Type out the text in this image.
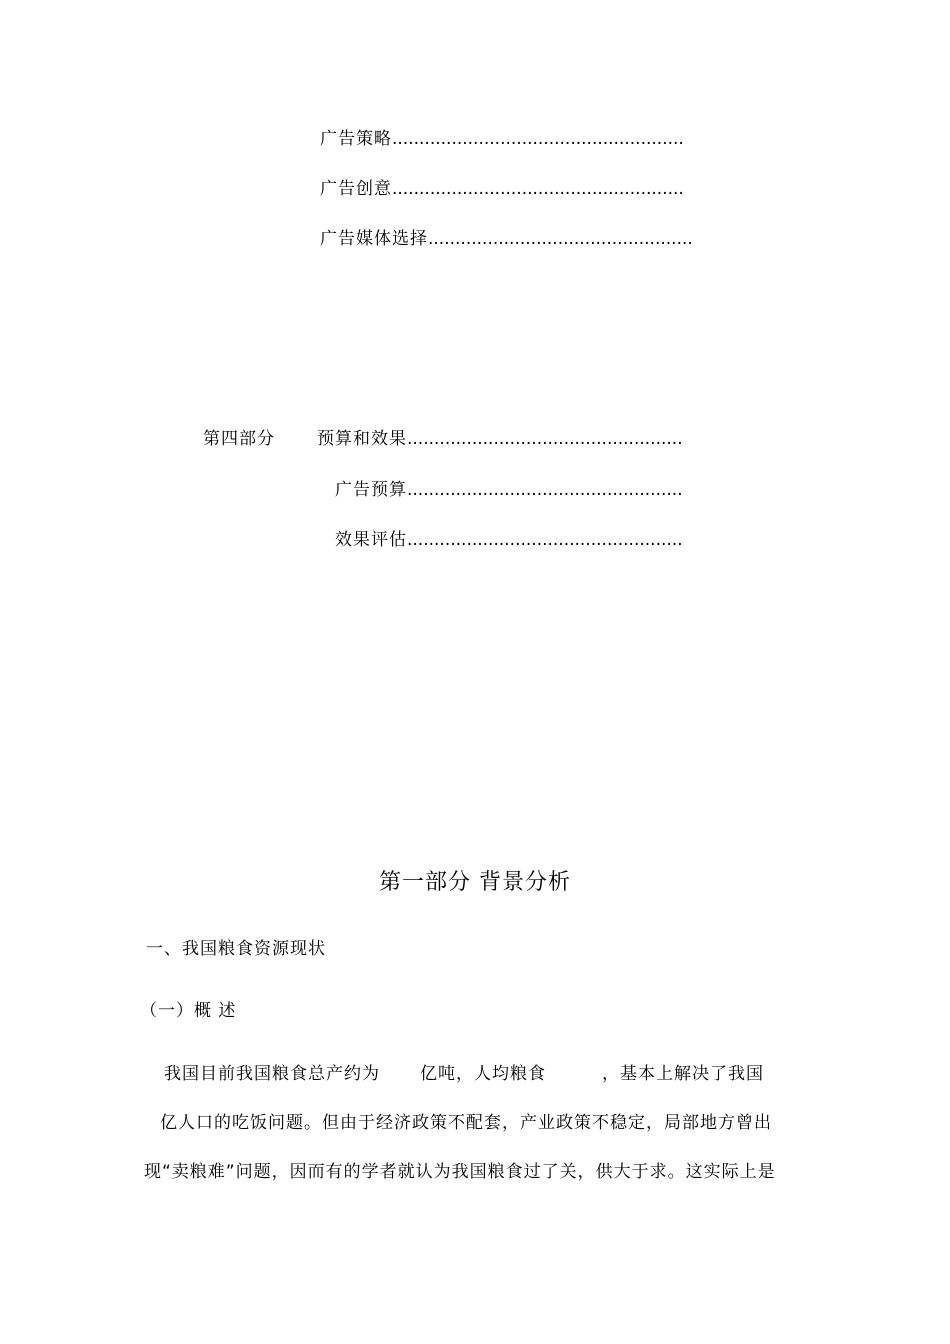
广告策略......................................................
广告创意......................................................
广告媒体选择.................................................
第四部分 预算和效果...................................................
广告预算...................................................
效果评估...................................................
第一部分 背景分析
一、我国粮食资源现状
（一）概 述
我国目前我国粮食总产约为 亿吨，人均粮食	，基本上解决了我国
亿人口的吃饭问题。但由于经济政策不配套，产业政策不稳定，局部地方曾出
现“卖粮难”问题，因而有的学者就认为我国粮食过了关，供大于求。这实际上是
